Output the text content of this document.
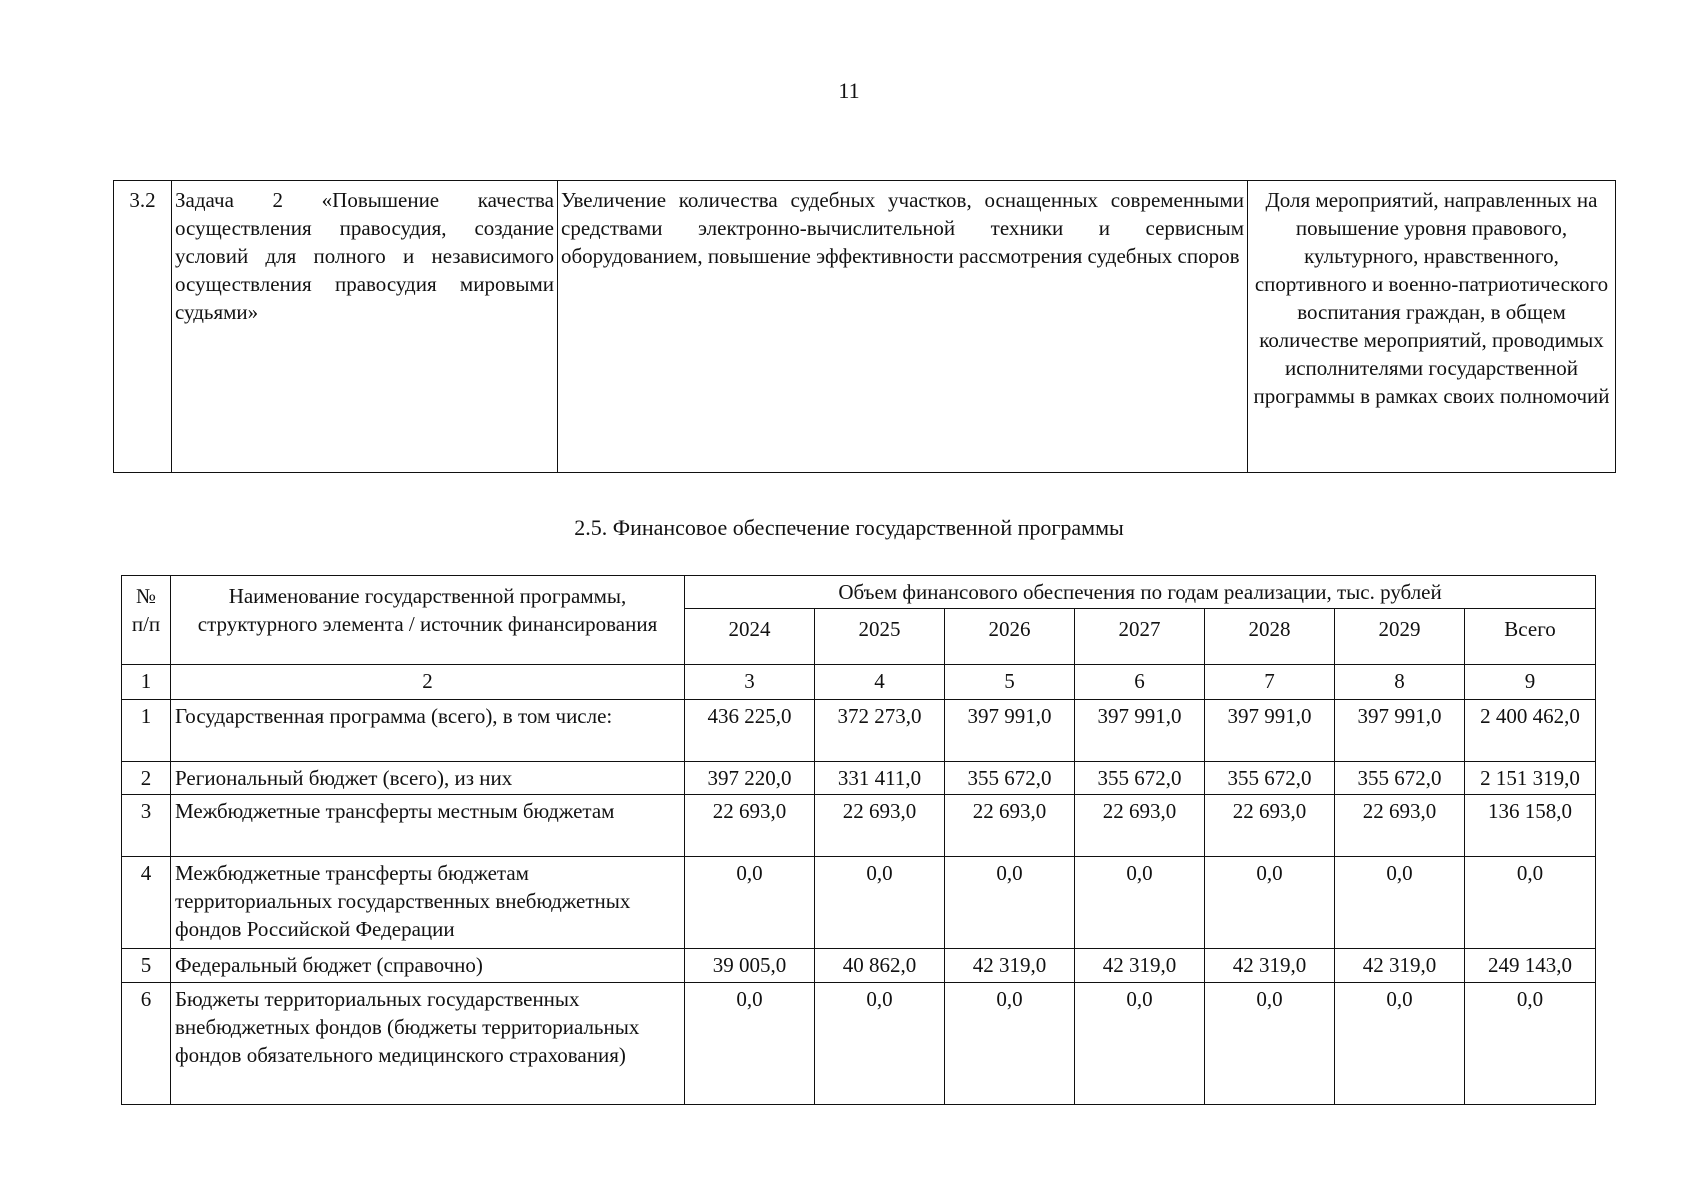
11
3.2	Задача 2 «Повышение качества осуществления правосудия, создание условий для полного и независимого осуществления правосудия мировыми судьями»	Увеличение количества судебных участков, оснащенных современными средствами электронно-вычислительной техники и сервисным оборудованием, повышение эффективности рассмотрения судебных споров	Доля мероприятий, направленных на повышение уровня правового, культурного, нравственного, спортивного и военно-патриотического воспитания граждан, в общем количестве мероприятий, проводимых исполнителями государственной программы в рамках своих полномочий
2.5. Финансовое обеспечение государственной программы
№ п/п	Наименование государственной программы, структурного элемента / источник финансирования	Объем финансового обеспечения по годам реализации, тыс. рублей						
		2024	2025	2026	2027	2028	2029	Всего
1	2	3	4	5	6	7	8	9
1	Государственная программа (всего), в том числе:	436 225,0	372 273,0	397 991,0	397 991,0	397 991,0	397 991,0	2 400 462,0
2	Региональный бюджет (всего), из них	397 220,0	331 411,0	355 672,0	355 672,0	355 672,0	355 672,0	2 151 319,0
3	Межбюджетные трансферты местным бюджетам	22 693,0	22 693,0	22 693,0	22 693,0	22 693,0	22 693,0	136 158,0
4	Межбюджетные трансферты бюджетам территориальных государственных внебюджетных фондов Российской Федерации	0,0	0,0	0,0	0,0	0,0	0,0	0,0
5	Федеральный бюджет (справочно)	39 005,0	40 862,0	42 319,0	42 319,0	42 319,0	42 319,0	249 143,0
6	Бюджеты территориальных государственных внебюджетных фондов (бюджеты территориальных фондов обязательного медицинского страхования)	0,0	0,0	0,0	0,0	0,0	0,0	0,0
